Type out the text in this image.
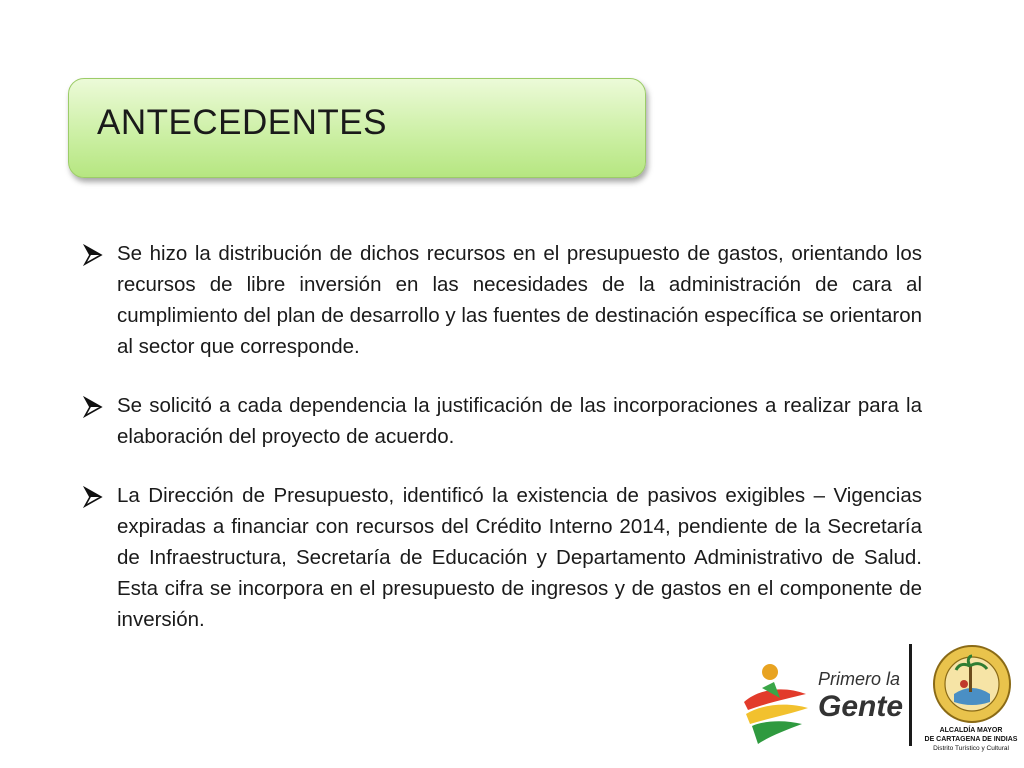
ANTECEDENTES
Se hizo la distribución de dichos recursos en el presupuesto de gastos, orientando los recursos de libre inversión en las necesidades de la administración de cara al cumplimiento del plan de desarrollo y las fuentes de destinación específica se orientaron al sector que corresponde.
Se solicitó a cada dependencia la justificación de las incorporaciones a realizar para la elaboración del proyecto de acuerdo.
La Dirección de Presupuesto, identificó la existencia de pasivos exigibles – Vigencias expiradas a financiar con recursos del Crédito Interno 2014, pendiente de la Secretaría de Infraestructura, Secretaría de Educación y Departamento Administrativo de Salud. Esta cifra se incorpora en el presupuesto de ingresos y de gastos en el componente de inversión.
Primero la
Gente
ALCALDÍA MAYOR
DE CARTAGENA DE INDIAS
Distrito Turístico y Cultural
